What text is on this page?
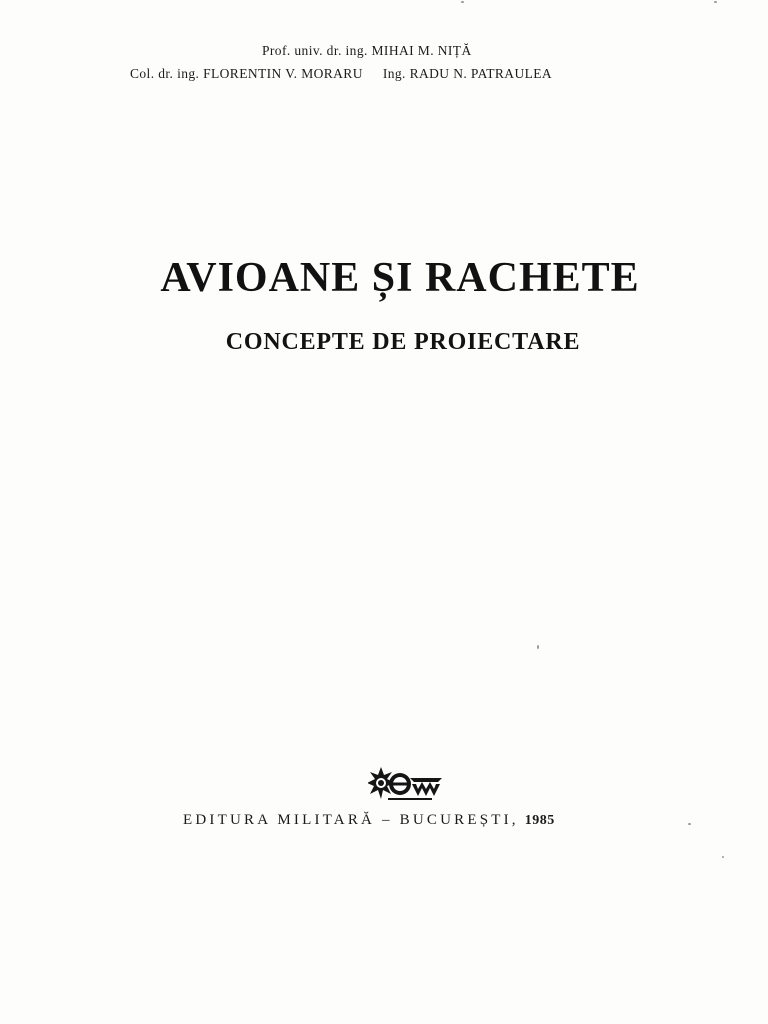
Prof. univ. dr. ing. MIHAI M. NIȚĂ
Col. dr. ing. FLORENTIN V. MORARU Ing. RADU N. PATRAULEA
AVIOANE ȘI RACHETE
CONCEPTE DE PROIECTARE
EDITURA MILITARĂ – BUCUREȘTI, 1985
